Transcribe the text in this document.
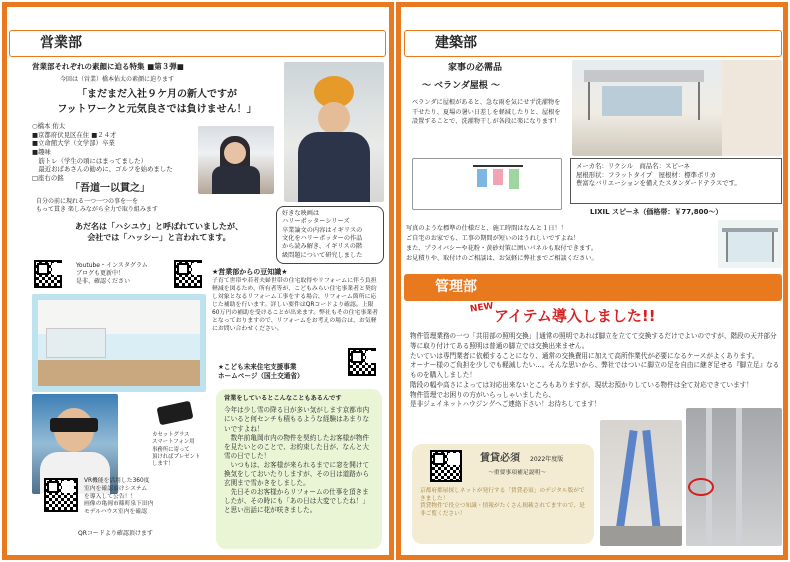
営業部
営業部それぞれの素顔に迫る特集 ■第３弾■
今回は（営業）橋本佑太の素顔に迫ります
「まだまだ入社９ケ月の新人ですが
フットワークと元気良さでは負けません！」
○橋本 佑太
■京都府伏見区在住 ■２４才
■立命館大学（文学部）卒業
■趣味
　筋トレ（学生の頃にはまってました）
　最近おばあさんの勧めに、ゴルフを始めました
□座右の銘
「吾道一以貫之」
自分の前に現れる一つ一つの事を一を
もって貫き 楽しみながら全力で取り組みます
あだ名は「ハシユウ」と呼ばれていましたが、
会社では「ハッシー」と言われてます。
好きな映画は
ハリーポッターシリーズ
卒業論文の内容はイギリスの
文化をハリーポッターの作品
から読み解き、イギリスの階
級問題について研究しました
Youtube・インスタグラム
ブログも更新中！
是非、確認ください
★営業部からの豆知識★
子育て世帯や若者夫婦世帯の住宅取得やリフォームに伴う負担軽減を図るため、所有者等が、こどもみらい住宅事業者と契約し対象となるリフォーム工事をする場合、リフォーム箇所に応じた補助を行います。詳しい要件はQRコードより確認。上限60万円の補助を受けることが出来ます。弊社もその住宅事業者となっておりますので、リフォームをお考えの場合は、お気軽にお問い合わせください。
★こども未来住宅支援事業
ホームページ（国土交通省）
カセットグラス
スマートフォン用
事務所に寄って
頂ければプレゼント
します！
VR機能を活用した360度
室内を確認頂けシステム
を導入して公告！！
画像の亀岡市篠町泉下田内
モデルハウス室内を確認
QRコードより確認頂けます
営業をしているとこんなこともあるんです
今年は少し雪の降る日が多い気がします京都市内にいると何センチも積もるような経験はあまりないですよね！
　数年前亀岡市内の物件を契約したお客様が物件を見たいとのことで、お約束した日が、なんと大雪の日でした！
　いつもは、お客様が来られるまでに窓を開けて換気をしておいたりしますが、その日は道路から玄関まで雪かきをしました。
　先日そのお客様からリフォームの仕事を頂きましたが、その時にも「あの日は大変でしたね！」と思い出話に花が咲きました。
建築部
家事の必需品
～ ベランダ屋根 ～
ベランダに屋根があると、急な雨を気にせず洗濯物を干せたり、夏場の暑い日差しを軽減したりと、屋根を設置することで、洗濯物干しが各段に楽になります！
メーカ名：リクシル　商品名：スピーネ
屋根形状：フラットタイプ　屋根材：標準ポリカ
豊富なバリエーションを備えたスタンダードテラスです。
LIXIL スピーネ（価格帯：￥77,800～）
写真のような標準の仕様だと、施工時間はなんと１日！！
ご自宅のお家でも、工事の期間が短いのはうれしいですよね！
また、プライバシーや花粉・黄砂対策に囲いパネルも取付できます。
お見積りや、取付けのご相談は、お気軽に弊社までご相談ください。
管理部
NEW アイテム導入しました!!
物件管理業務の一つ「共用部の照明交換」│通常の照明であれば脚立を立てて交換するだけでよいのですが、階段の天井部分等に取り付けてある照明は普通の脚立では交換出来ません。
たいていは専門業者に依頼することになり、通常の交換費用に加えて高所作業代が必要になるケースがよくあります。
オーナー様のご負担を少しでも軽減したい…。そんな思いから、弊社ではついに脚立の足を自由に継ぎ足せる『脚立足』なるものを購入しました！
階段の幅や高さによっては対応出来ないところもありますが、現状お預かりしている物件は全て対応できています！
物件管理でお困りの方がいらっしゃいましたら、
是非ジェイネットハウジングへご連絡下さい！お待ちしてます！
賃貸必須 2022年度版
～重要事項補足説明～
京都府都屋探しネットが発行する「賃貸必須」のデジタル版ができました！
賃貸物件で役立つ知識・情報がたくさん掲載されてますので、是非ご覧ください！
